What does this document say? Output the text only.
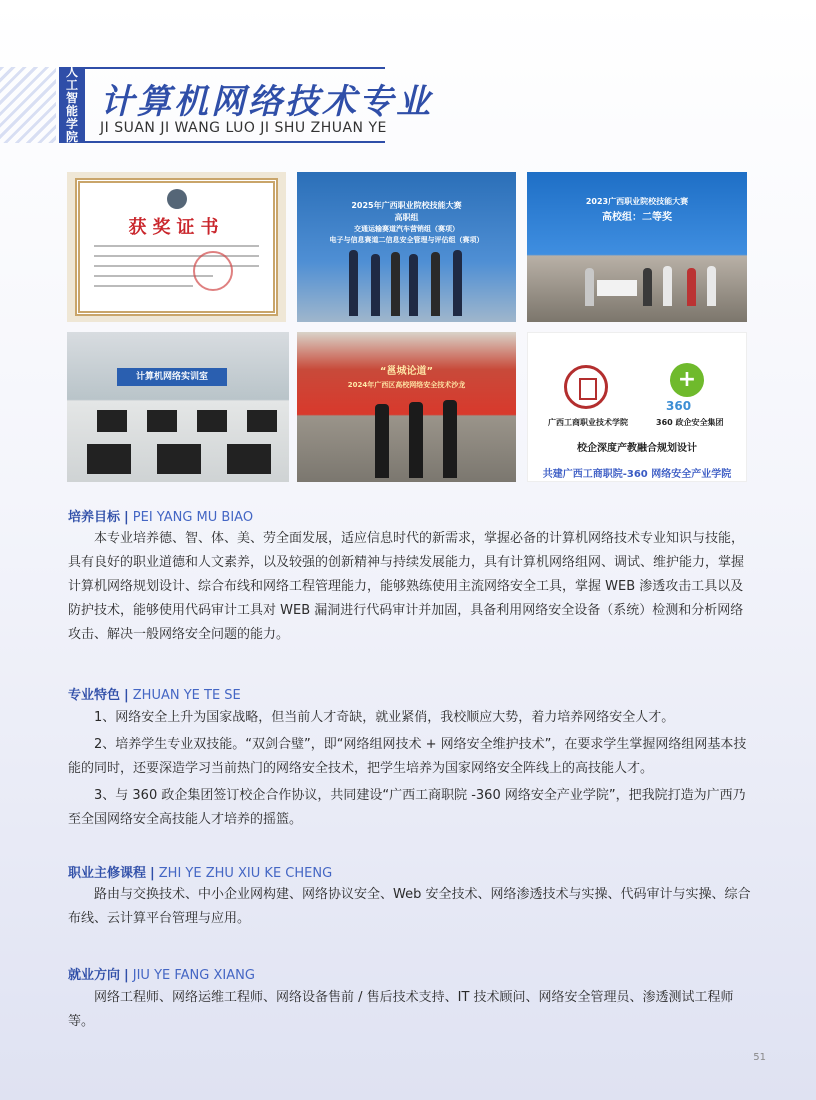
人
工
智
能
学
院
计算机网络技术专业
JI SUAN JI WANG LUO JI SHU ZHUAN YE
获奖证书
2025年广西职业院校技能大赛
高职组
交通运输赛道汽车营销组（赛项）
电子与信息赛道二信息安全管理与评估组（赛项）
2023广西职业院校技能大赛
高校组：二等奖
计算机网络实训室	“邕城论道”
2024年广西区高校网络安全技术沙龙	+
360
广西工商职业技术学院	360 政企安全集团
校企深度产教融合规划设计
共建广西工商职院-360 网络安全产业学院
培养目标 | PEI YANG MU BIAO

本专业培养德、智、体、美、劳全面发展，适应信息时代的新需求，掌握必备的计算机网络技术专业知识与技能，具有良好的职业道德和人文素养，以及较强的创新精神与持续发展能力，具有计算机网络组网、调试、维护能力，掌握计算机网络规划设计、综合布线和网络工程管理能力，能够熟练使用主流网络安全工具，掌握 WEB 渗透攻击工具以及防护技术，能够使用代码审计工具对 WEB 漏洞进行代码审计并加固，具备利用网络安全设备（系统）检测和分析网络攻击、解决一般网络安全问题的能力。

专业特色 | ZHUAN YE TE SE

1、网络安全上升为国家战略，但当前人才奇缺，就业紧俏，我校顺应大势，着力培养网络安全人才。

2、培养学生专业双技能。“双剑合璧”，即“网络组网技术 + 网络安全维护技术”，在要求学生掌握网络组网基本技能的同时，还要深造学习当前热门的网络安全技术，把学生培养为国家网络安全阵线上的高技能人才。

3、与 360 政企集团签订校企合作协议，共同建设“广西工商职院 -360 网络安全产业学院”，把我院打造为广西乃至全国网络安全高技能人才培养的摇篮。

职业主修课程 | ZHI YE ZHU XIU KE CHENG

路由与交换技术、中小企业网构建、网络协议安全、Web 安全技术、网络渗透技术与实操、代码审计与实操、综合布线、云计算平台管理与应用。

就业方向 | JIU YE FANG XIANG

网络工程师、网络运维工程师、网络设备售前 / 售后技术支持、IT 技术顾问、网络安全管理员、渗透测试工程师等。

51
